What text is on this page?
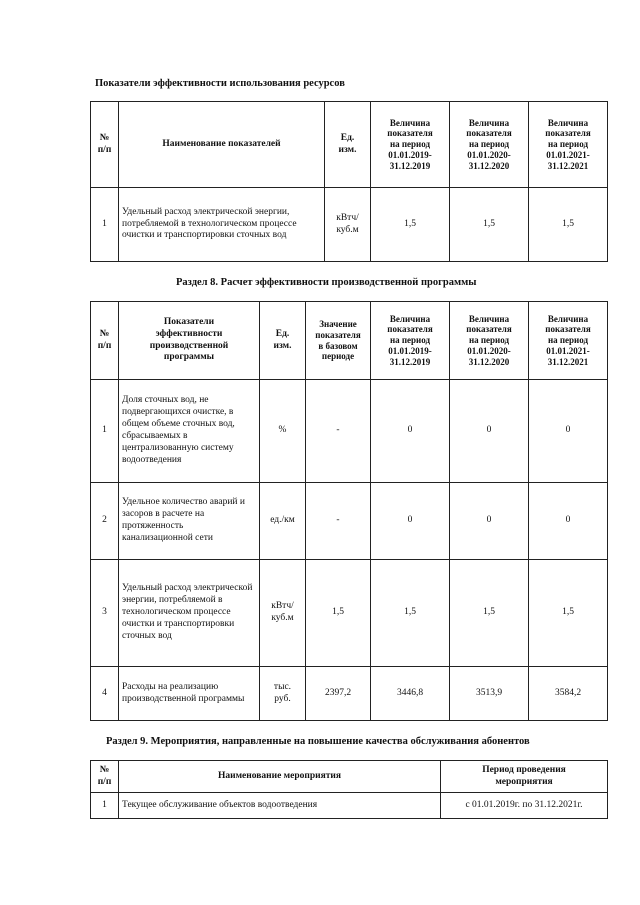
Показатели эффективности использования ресурсов
№
п/п	Наименование показателей	Ед.
изм.	Величина
показателя
на период
01.01.2019-
31.12.2019	Величина
показателя
на период
01.01.2020-
31.12.2020	Величина
показателя
на период
01.01.2021-
31.12.2021
1	Удельный расход электрической энергии, потребляемой в технологическом процессе очистки и транспортировки сточных вод	кВтч/
куб.м	1,5	1,5	1,5
Раздел 8. Расчет эффективности производственной программы
№
п/п	Показатели
эффективности
производственной
программы	Ед.
изм.	Значение
показателя
в базовом
периоде	Величина
показателя
на период
01.01.2019-
31.12.2019	Величина
показателя
на период
01.01.2020-
31.12.2020	Величина
показателя
на период
01.01.2021-
31.12.2021
1	Доля сточных вод, не подвергающихся очистке, в общем объеме сточных вод, сбрасываемых в централизованную систему водоотведения	%	-	0	0	0
2	Удельное количество аварий и засоров в расчете на протяженность канализационной сети	ед./км	-	0	0	0
3	Удельный расход электрической энергии, потребляемой в технологическом процессе очистки и транспортировки сточных вод	кВтч/
куб.м	1,5	1,5	1,5	1,5
4	Расходы на реализацию производственной программы	тыс.
руб.	2397,2	3446,8	3513,9	3584,2
Раздел 9. Мероприятия, направленные на повышение качества обслуживания абонентов
№
п/п	Наименование мероприятия	Период проведения
мероприятия
1	Текущее обслуживание объектов водоотведения	с 01.01.2019г. по 31.12.2021г.
